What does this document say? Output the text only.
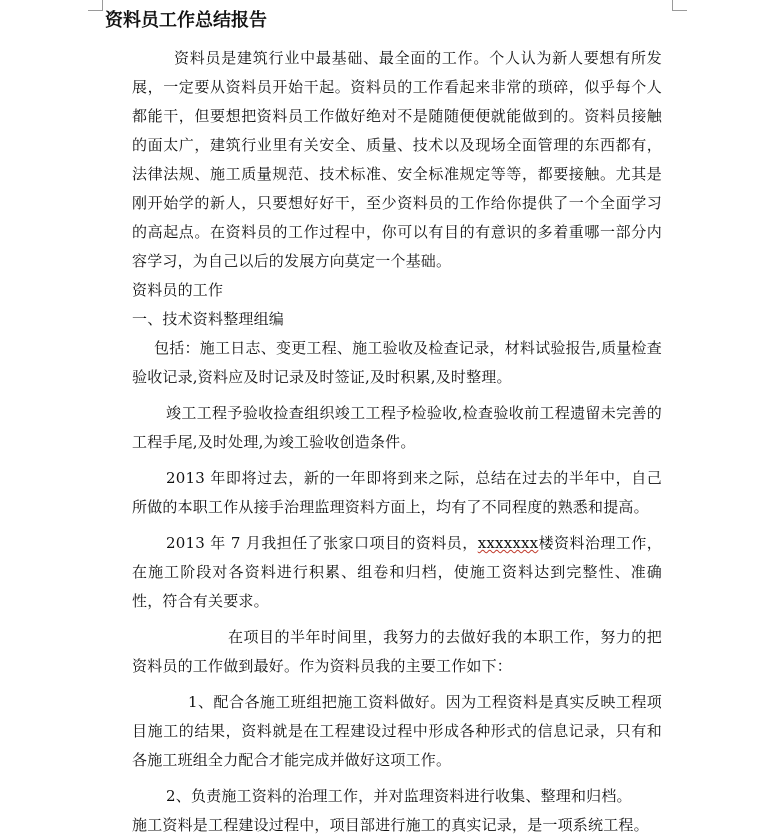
资料员工作总结报告

资料员是建筑行业中最基础、最全面的工作。个人认为新人要想有所发展，一定要从资料员开始干起。资料员的工作看起来非常的琐碎，似乎每个人都能干，但要想把资料员工作做好绝对不是随随便便就能做到的。资料员接触的面太广，建筑行业里有关安全、质量、技术以及现场全面管理的东西都有，法律法规、施工质量规范、技术标准、安全标准规定等等，都要接触。尤其是刚开始学的新人，只要想好好干，至少资料员的工作给你提供了一个全面学习的高起点。在资料员的工作过程中，你可以有目的有意识的多着重哪一部分内容学习，为自己以后的发展方向莫定一个基础。

资料员的工作

一、技术资料整理组编

包括：施工日志、变更工程、施工验收及检查记录，材料试验报告,质量检查验收记录,资料应及时记录及时签证,及时积累,及时整理。

竣工工程予验收捡查组织竣工工程予检验收,检查验收前工程遗留未完善的工程手尾,及时处理,为竣工验收创造条件。

2013 年即将过去，新的一年即将到来之际，总结在过去的半年中，自己所做的本职工作从接手治理监理资料方面上，均有了不同程度的熟悉和提高。

2013 年 7 月我担任了张家口项目的资料员，xxxxxxx楼资料治理工作，在施工阶段对各资料进行积累、组卷和归档，使施工资料达到完整性、准确性，符合有关要求。

在项目的半年时间里，我努力的去做好我的本职工作，努力的把资料员的工作做到最好。作为资料员我的主要工作如下：

1、配合各施工班组把施工资料做好。因为工程资料是真实反映工程项目施工的结果，资料就是在工程建设过程中形成各种形式的信息记录，只有和各施工班组全力配合才能完成并做好这项工作。

2、负责施工资料的治理工作，并对监理资料进行收集、整理和归档。

施工资料是工程建设过程中，项目部进行施工的真实记录，是一项系统工程。
